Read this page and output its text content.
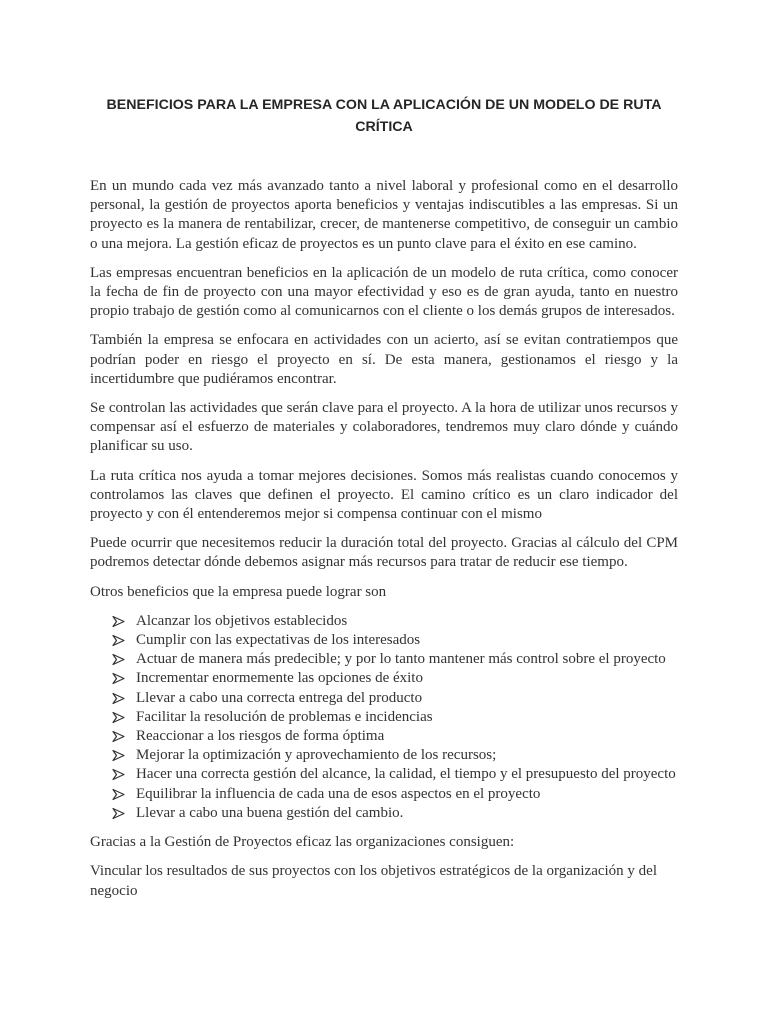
BENEFICIOS PARA LA EMPRESA CON LA APLICACIÓN DE UN MODELO DE RUTA CRÍTICA

En un mundo cada vez más avanzado tanto a nivel laboral y profesional como en el desarrollo personal, la gestión de proyectos aporta beneficios y ventajas indiscutibles a las empresas. Si un proyecto es la manera de rentabilizar, crecer, de mantenerse competitivo, de conseguir un cambio o una mejora. La gestión eficaz de proyectos es un punto clave para el éxito en ese camino.

Las empresas encuentran beneficios en la aplicación de un modelo de ruta crítica, como conocer la fecha de fin de proyecto con una mayor efectividad y eso es de gran ayuda, tanto en nuestro propio trabajo de gestión como al comunicarnos con el cliente o los demás grupos de interesados.

También la empresa se enfocara en actividades con un acierto, así se evitan contratiempos que podrían poder en riesgo el proyecto en sí. De esta manera, gestionamos el riesgo y la incertidumbre que pudiéramos encontrar.

Se controlan las actividades que serán clave para el proyecto. A la hora de utilizar unos recursos y compensar así el esfuerzo de materiales y colaboradores, tendremos muy claro dónde y cuándo planificar su uso.

La ruta crítica nos ayuda a tomar mejores decisiones. Somos más realistas cuando conocemos y controlamos las claves que definen el proyecto. El camino crítico es un claro indicador del proyecto y con él entenderemos mejor si compensa continuar con el mismo

Puede ocurrir que necesitemos reducir la duración total del proyecto. Gracias al cálculo del CPM podremos detectar dónde debemos asignar más recursos para tratar de reducir ese tiempo.

Otros beneficios que la empresa puede lograr son

Alcanzar los objetivos establecidos
Cumplir con las expectativas de los interesados
Actuar de manera más predecible; y por lo tanto mantener más control sobre el proyecto
Incrementar enormemente las opciones de éxito
Llevar a cabo una correcta entrega del producto
Facilitar la resolución de problemas e incidencias
Reaccionar a los riesgos de forma óptima
Mejorar la optimización y aprovechamiento de los recursos;
Hacer una correcta gestión del alcance, la calidad, el tiempo y el presupuesto del proyecto
Equilibrar la influencia de cada una de esos aspectos en el proyecto
Llevar a cabo una buena gestión del cambio.

Gracias a la Gestión de Proyectos eficaz las organizaciones consiguen:

Vincular los resultados de sus proyectos con los objetivos estratégicos de la organización y del negocio
